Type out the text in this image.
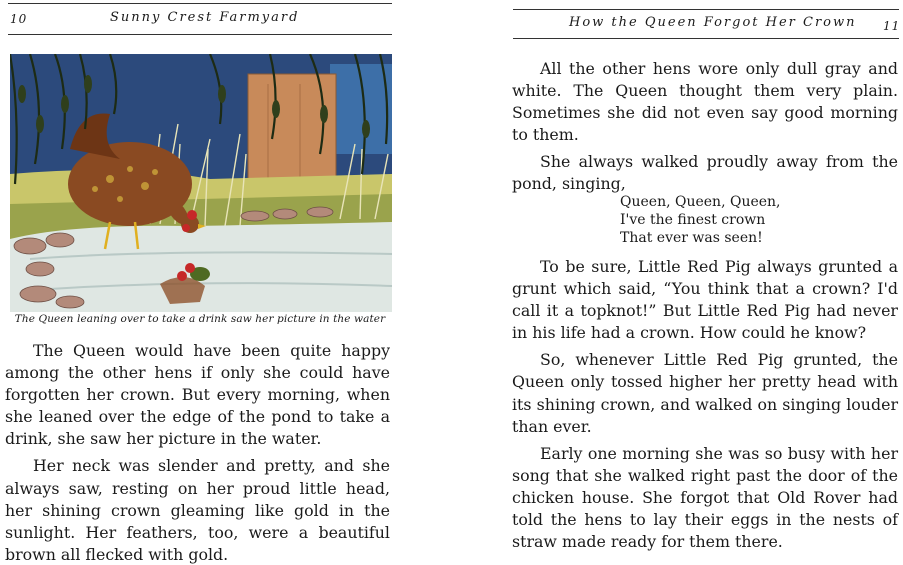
10	Sunny Crest Farmyard
The Queen leaning over to take a drink saw her picture in the water

The Queen would have been quite happy among the other hens if only she could have forgotten her crown. But every morning, when she leaned over the edge of the pond to take a drink, she saw her picture in the water.

Her neck was slender and pretty, and she always saw, resting on her proud little head, her shining crown gleaming like gold in the sunlight. Her feathers, too, were a beautiful brown all flecked with gold.

How the Queen Forgot Her Crown 11

All the other hens wore only dull gray and white. The Queen thought them very plain. Sometimes she did not even say good morning to them.

She always walked proudly away from the pond, singing,

Queen, Queen, Queen,
I've the finest crown
That ever was seen!

To be sure, Little Red Pig always grunted a grunt which said, “You think that a crown? I'd call it a topknot!” But Little Red Pig had never in his life had a crown. How could he know?

So, whenever Little Red Pig grunted, the Queen only tossed higher her pretty head with its shining crown, and walked on singing louder than ever.

Early one morning she was so busy with her song that she walked right past the door of the chicken house. She forgot that Old Rover had told the hens to lay their eggs in the nests of straw made ready for them there.
